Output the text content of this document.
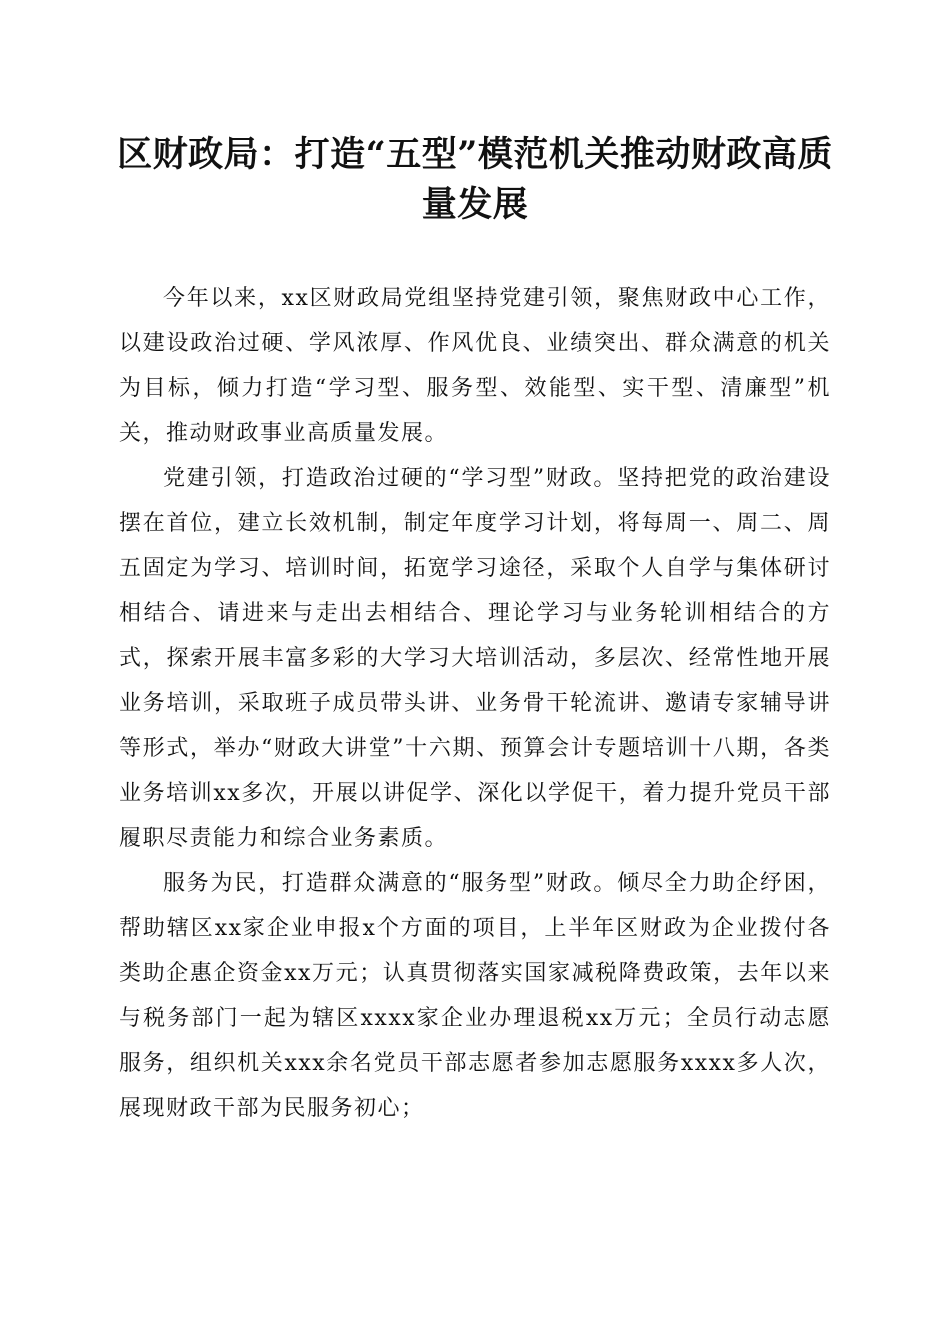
区财政局：打造“五型”模范机关推动财政高质量发展

今年以来，xx区财政局党组坚持党建引领，聚焦财政中心工作，以建设政治过硬、学风浓厚、作风优良、业绩突出、群众满意的机关为目标，倾力打造“学习型、服务型、效能型、实干型、清廉型”机关，推动财政事业高质量发展。

党建引领，打造政治过硬的“学习型”财政。坚持把党的政治建设摆在首位，建立长效机制，制定年度学习计划，将每周一、周二、周五固定为学习、培训时间，拓宽学习途径，采取个人自学与集体研讨相结合、请进来与走出去相结合、理论学习与业务轮训相结合的方式，探索开展丰富多彩的大学习大培训活动，多层次、经常性地开展业务培训，采取班子成员带头讲、业务骨干轮流讲、邀请专家辅导讲等形式，举办“财政大讲堂”十六期、预算会计专题培训十八期，各类业务培训xx多次，开展以讲促学、深化以学促干，着力提升党员干部履职尽责能力和综合业务素质。

服务为民，打造群众满意的“服务型”财政。倾尽全力助企纾困，帮助辖区xx家企业申报x个方面的项目，上半年区财政为企业拨付各类助企惠企资金xx万元；认真贯彻落实国家减税降费政策，去年以来与税务部门一起为辖区xxxx家企业办理退税xx万元；全员行动志愿服务，组织机关xxx余名党员干部志愿者参加志愿服务xxxx多人次，展现财政干部为民服务初心；
